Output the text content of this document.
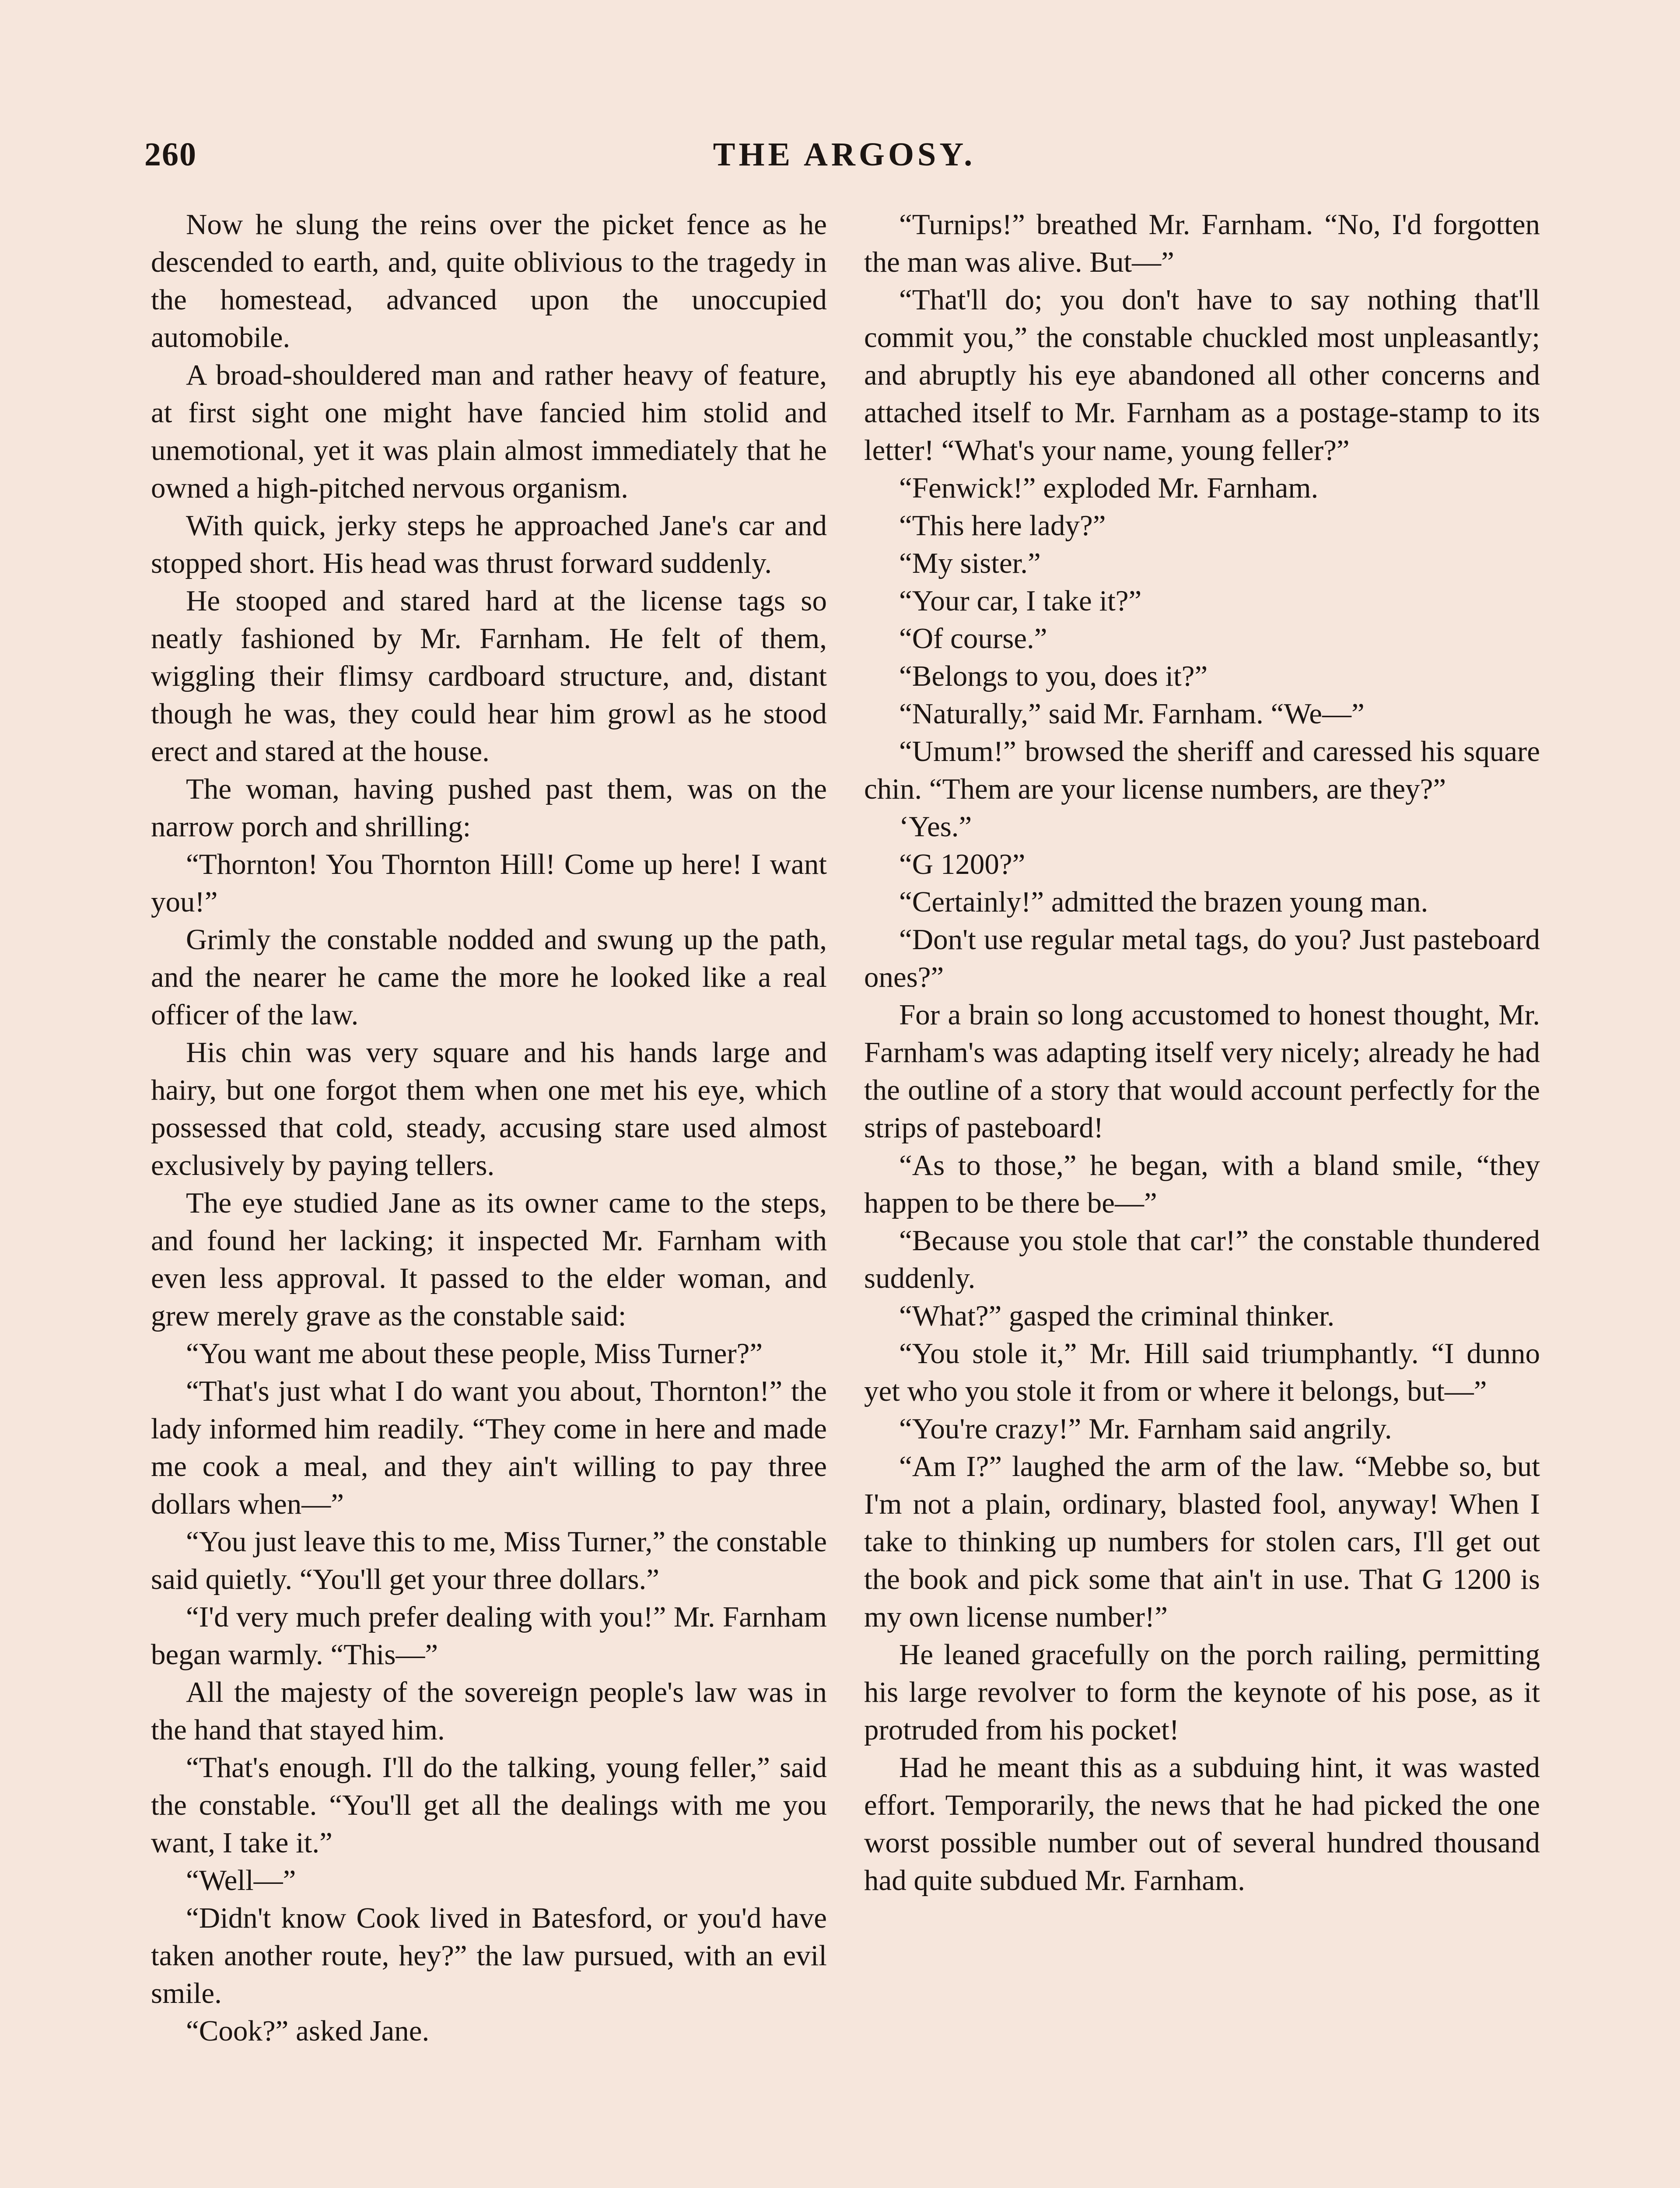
260	THE ARGOSY.

Now he slung the reins over the picket fence as he descended to earth, and, quite oblivious to the tragedy in the homestead, advanced upon the unoccupied automobile.

A broad-shouldered man and rather heavy of feature, at first sight one might have fancied him stolid and unemotional, yet it was plain almost immediately that he owned a high-pitched nervous organism.

With quick, jerky steps he approached Jane's car and stopped short. His head was thrust forward suddenly.

He stooped and stared hard at the license tags so neatly fashioned by Mr. Farnham. He felt of them, wiggling their flimsy cardboard structure, and, distant though he was, they could hear him growl as he stood erect and stared at the house.

The woman, having pushed past them, was on the narrow porch and shrilling:

“Thornton! You Thornton Hill! Come up here! I want you!”

Grimly the constable nodded and swung up the path, and the nearer he came the more he looked like a real officer of the law.

His chin was very square and his hands large and hairy, but one forgot them when one met his eye, which possessed that cold, steady, accusing stare used almost exclusively by paying tellers.

The eye studied Jane as its owner came to the steps, and found her lacking; it inspected Mr. Farnham with even less approval. It passed to the elder woman, and grew merely grave as the constable said:

“You want me about these people, Miss Turner?”

“That's just what I do want you about, Thornton!” the lady informed him readily. “They come in here and made me cook a meal, and they ain't willing to pay three dollars when—”

“You just leave this to me, Miss Turner,” the constable said quietly. “You'll get your three dollars.”

“I'd very much prefer dealing with you!” Mr. Farnham began warmly. “This—”

All the majesty of the sovereign people's law was in the hand that stayed him.

“That's enough. I'll do the talking, young feller,” said the constable. “You'll get all the dealings with me you want, I take it.”

“Well—”

“Didn't know Cook lived in Batesford, or you'd have taken another route, hey?” the law pursued, with an evil smile.

“Cook?” asked Jane.

“Turnips!” breathed Mr. Farnham. “No, I'd forgotten the man was alive. But—”

“That'll do; you don't have to say nothing that'll commit you,” the constable chuckled most unpleasantly; and abruptly his eye abandoned all other concerns and attached itself to Mr. Farnham as a postage-stamp to its letter! “What's your name, young feller?”

“Fenwick!” exploded Mr. Farnham.

“This here lady?”

“My sister.”

“Your car, I take it?”

“Of course.”

“Belongs to you, does it?”

“Naturally,” said Mr. Farnham. “We—”

“Umum!” browsed the sheriff and caressed his square chin. “Them are your license numbers, are they?”

‘Yes.”

“G 1200?”

“Certainly!” admitted the brazen young man.

“Don't use regular metal tags, do you? Just pasteboard ones?”

For a brain so long accustomed to honest thought, Mr. Farnham's was adapting itself very nicely; already he had the outline of a story that would account perfectly for the strips of pasteboard!

“As to those,” he began, with a bland smile, “they happen to be there be—”

“Because you stole that car!” the constable thundered suddenly.

“What?” gasped the criminal thinker.

“You stole it,” Mr. Hill said triumphantly. “I dunno yet who you stole it from or where it belongs, but—”

“You're crazy!” Mr. Farnham said angrily.

“Am I?” laughed the arm of the law. “Mebbe so, but I'm not a plain, ordinary, blasted fool, anyway! When I take to thinking up numbers for stolen cars, I'll get out the book and pick some that ain't in use. That G 1200 is my own license number!”

He leaned gracefully on the porch railing, permitting his large revolver to form the keynote of his pose, as it protruded from his pocket!

Had he meant this as a subduing hint, it was wasted effort. Temporarily, the news that he had picked the one worst possible number out of several hundred thousand had quite subdued Mr. Farnham.
